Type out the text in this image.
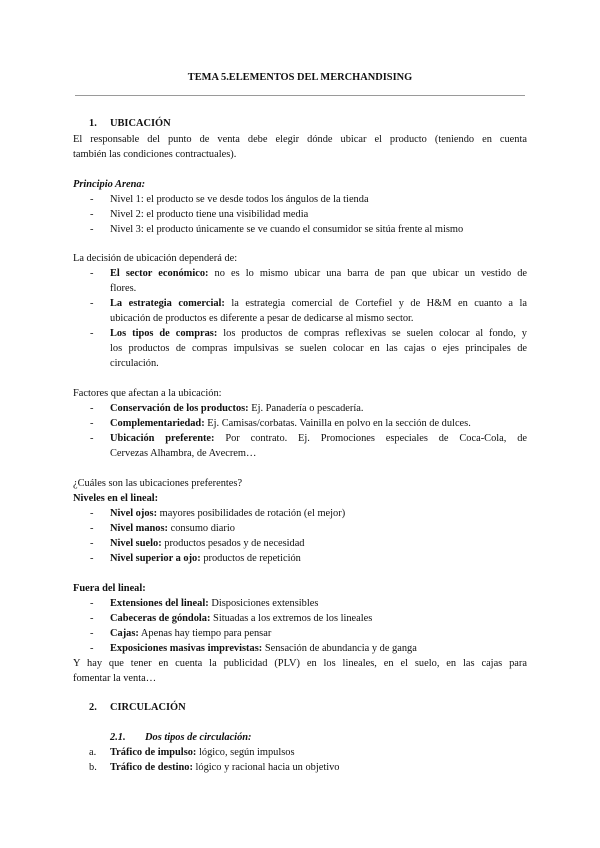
TEMA 5.ELEMENTOS DEL MERCHANDISING
1. UBICACIÓN
El responsable del punto de venta debe elegir dónde ubicar el producto (teniendo en cuenta
también las condiciones contractuales).
Principio Arena:
- Nivel 1: el producto se ve desde todos los ángulos de la tienda
- Nivel 2: el producto tiene una visibilidad media
- Nivel 3: el producto únicamente se ve cuando el consumidor se sitúa frente al mismo
La decisión de ubicación dependerá de:
- El sector económico: no es lo mismo ubicar una barra de pan que ubicar un vestido de
flores.
- La estrategia comercial: la estrategia comercial de Cortefiel y de H&M en cuanto a la
ubicación de productos es diferente a pesar de dedicarse al mismo sector.
- Los tipos de compras: los productos de compras reflexivas se suelen colocar al fondo, y
los productos de compras impulsivas se suelen colocar en las cajas o ejes principales de
circulación.
Factores que afectan a la ubicación:
- Conservación de los productos: Ej. Panadería o pescadería.
- Complementariedad: Ej. Camisas/corbatas. Vainilla en polvo en la sección de dulces.
- Ubicación preferente: Por contrato. Ej. Promociones especiales de Coca-Cola, de
Cervezas Alhambra, de Avecrem…
¿Cuáles son las ubicaciones preferentes?
Niveles en el lineal:
- Nivel ojos: mayores posibilidades de rotación (el mejor)
- Nivel manos: consumo diario
- Nivel suelo: productos pesados y de necesidad
- Nivel superior a ojo: productos de repetición
Fuera del lineal:
- Extensiones del lineal: Disposiciones extensibles
- Cabeceras de góndola: Situadas a los extremos de los lineales
- Cajas: Apenas hay tiempo para pensar
- Exposiciones masivas imprevistas: Sensación de abundancia y de ganga
Y hay que tener en cuenta la publicidad (PLV) en los lineales, en el suelo, en las cajas para
fomentar la venta…
2. CIRCULACIÓN
2.1. Dos tipos de circulación:
a. Tráfico de impulso: lógico, según impulsos
b. Tráfico de destino: lógico y racional hacia un objetivo
